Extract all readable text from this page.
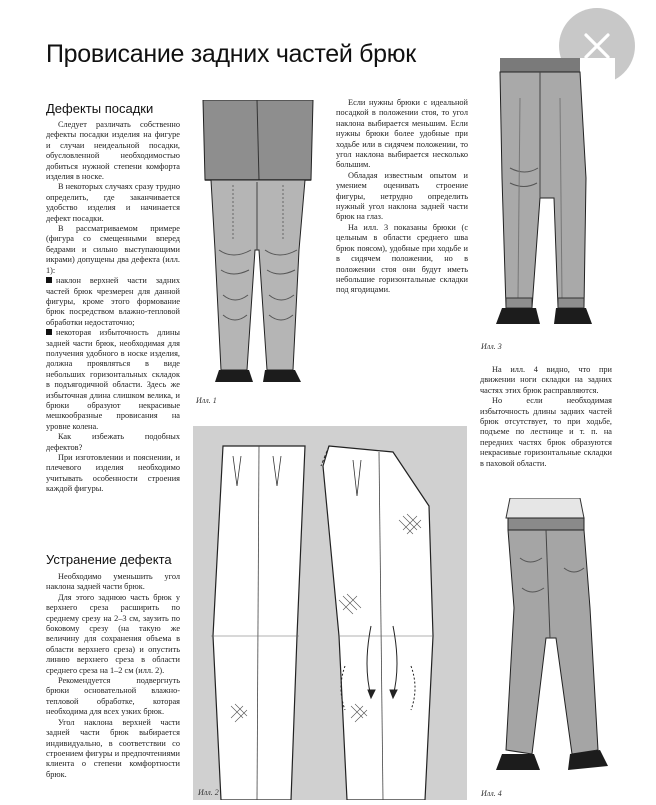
Провисание задних частей брюк
Дефекты посадки

Следует различать собственно дефекты посадки изделия на фигуре и случаи неидеальной посадки, обусловленной необходимостью добиться нужной степени комфорта изделия в носке.

В некоторых случаях сразу трудно определить, где заканчивается удобство изделия и начинается дефект посадки.

В рассматриваемом примере (фигура со смещенными вперед бедрами и сильно выступающими икрами) допущены два дефекта (илл. 1):

наклон верхней части задних частей брюк чрезмерен для данной фигуры, кроме этого формование брюк посредством влажно-тепловой обработки недостаточно;

некоторая избыточность длины задней части брюк, необходимая для получения удобного в носке изделия, должна проявляться в виде небольших горизонтальных складок в подъягодичной области. Здесь же избыточная длина слишком велика, и брюки образуют некрасивые мешкообразные провисания на уровне колена.

Как избежать подобных дефектов?

При изготовлении и пояснении, и плечевого изделия необходимо учитывать особенности строения каждой фигуры.

Устранение дефекта

Необходимо уменьшить угол наклона задней части брюк.

Для этого заднюю часть брюк у верхнего среза расширить по среднему срезу на 2–3 см, заузить по боковому срезу (на такую же величину для сохранения объема в области верхнего среза) и опустить линию верхнего среза в области среднего среза на 1–2 см (илл. 2).

Рекомендуется подвергнуть брюки основательной влажно-тепловой обработке, которая необходима для всех узких брюк.

Угол наклона верхней части задней части брюк выбирается индивидуально, в соответствии со строением фигуры и предпочтениями клиента о степени комфортности брюк.

Если нужны брюки с идеальной посадкой в положении стоя, то угол наклона выбирается меньшим. Если нужны брюки более удобные при ходьбе или в сидячем положении, то угол наклона выбирается несколько большим.

Обладая известным опытом и умением оценивать строение фигуры, нетрудно определить нужный угол наклона задней части брюк на глаз.

На илл. 3 показаны брюки (с цельным в области среднего шва брюк поясом), удобные при ходьбе и в сидячем положении, но в положении стоя они будут иметь небольшие горизонтальные складки под ягодицами.

На илл. 4 видно, что при движении ноги складки на задних частях этих брюк расправляются.

Но если необходимая избыточность длины задних частей брюк отсутствует, то при ходьбе, подъеме по лестнице и т. п. на передних частях брюк образуются некрасивые горизонтальные складки в паховой области.

Илл. 1
Илл. 3
Илл. 2	Илл. 4
